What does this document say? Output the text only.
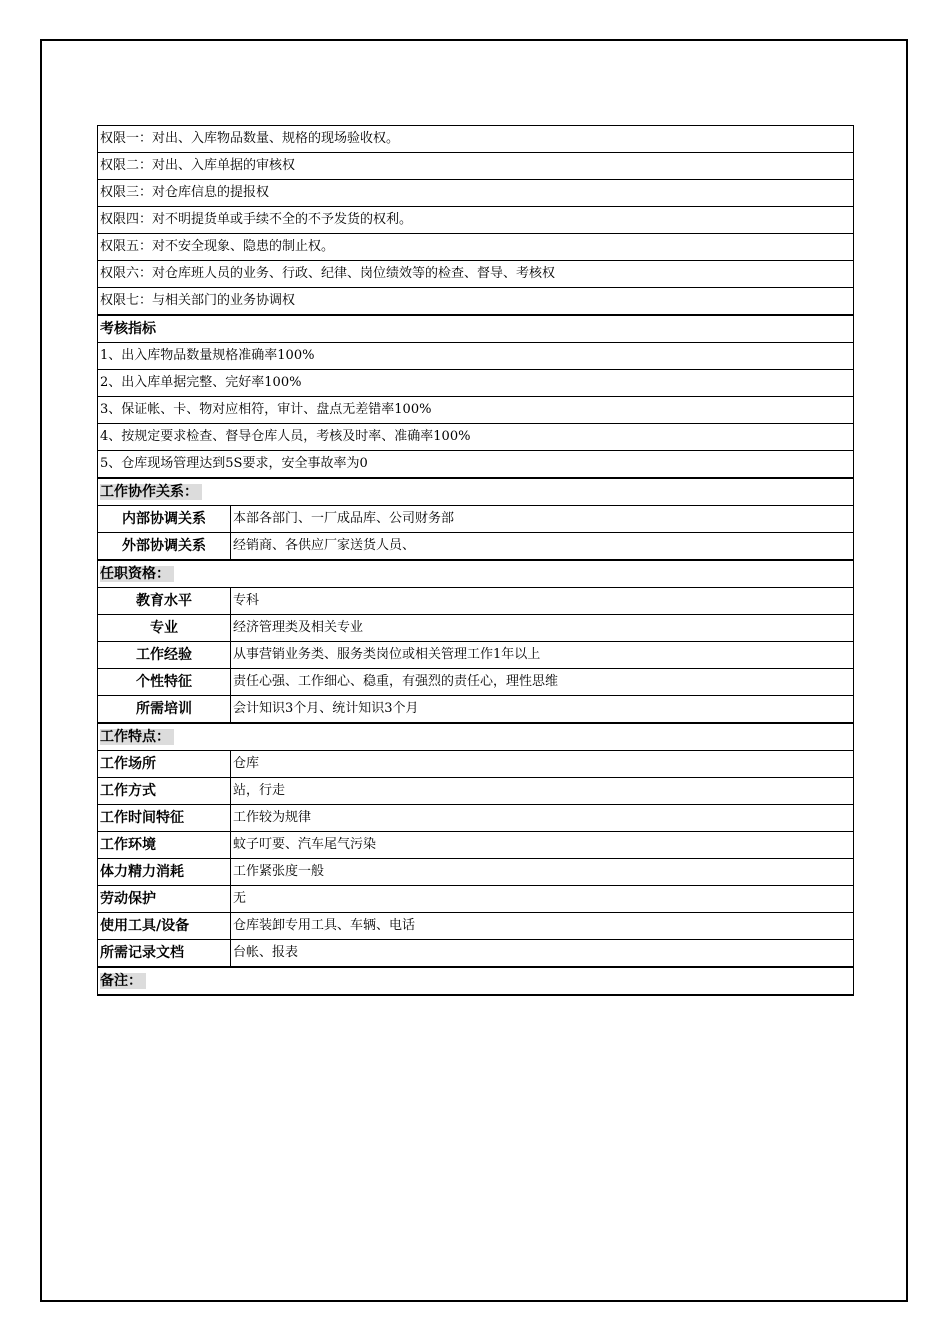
权限一：对出、入库物品数量、规格的现场验收权。	
权限二：对出、入库单据的审核权	
权限三：对仓库信息的提报权	
权限四：对不明提货单或手续不全的不予发货的权利。	
权限五：对不安全现象、隐患的制止权。	
权限六：对仓库班人员的业务、行政、纪律、岗位绩效等的检查、督导、考核权	
权限七：与相关部门的业务协调权	
考核指标	
1、出入库物品数量规格准确率100%	
2、出入库单据完整、完好率100%	
3、保证帐、卡、物对应相符，审计、盘点无差错率100%	
4、按规定要求检查、督导仓库人员，考核及时率、准确率100%	
5、仓库现场管理达到5S要求，安全事故率为0	
工作协作关系：	
内部协调关系	本部各部门、一厂成品库、公司财务部
外部协调关系	经销商、各供应厂家送货人员、
任职资格：	
教育水平	专科
专业	经济管理类及相关专业
工作经验	从事营销业务类、服务类岗位或相关管理工作1年以上
个性特征	责任心强、工作细心、稳重，有强烈的责任心，理性思维
所需培训	会计知识3个月、统计知识3个月
工作特点：	
工作场所	仓库
工作方式	站，行走
工作时间特征	工作较为规律
工作环境	蚊子叮要、汽车尾气污染
体力精力消耗	工作紧张度一般
劳动保护	无
使用工具/设备	仓库装卸专用工具、车辆、电话
所需记录文档	台帐、报表
备注：	
